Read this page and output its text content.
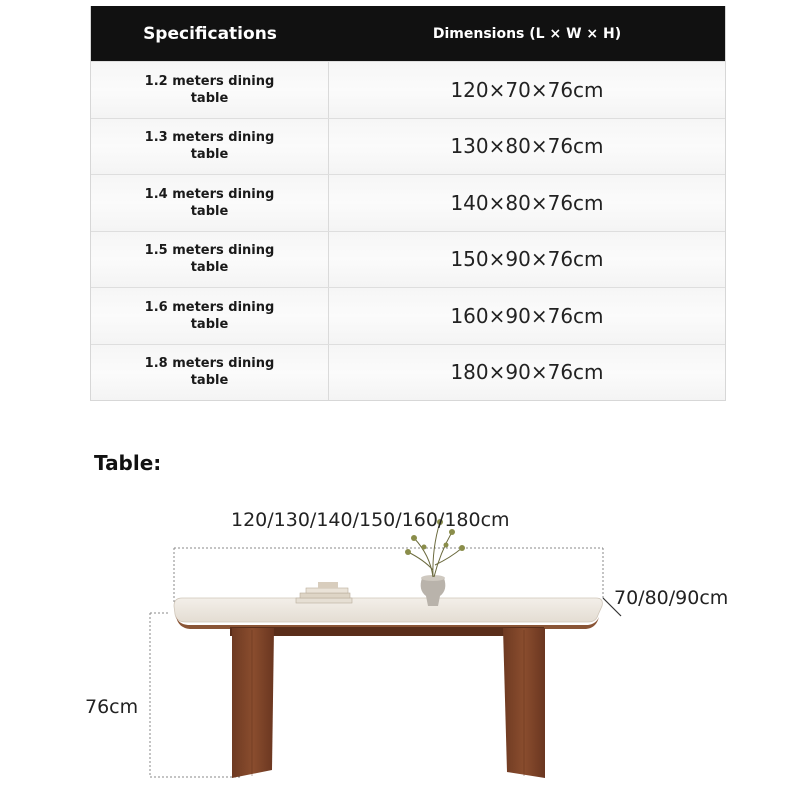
Specifications	Dimensions (L × W × H)
1.2 meters dining table	120×70×76cm
1.3 meters dining table	130×80×76cm
1.4 meters dining table	140×80×76cm
1.5 meters dining table	150×90×76cm
1.6 meters dining table	160×90×76cm
1.8 meters dining table	180×90×76cm
Table:
120/130/140/150/160/180cm
70/80/90cm
76cm
